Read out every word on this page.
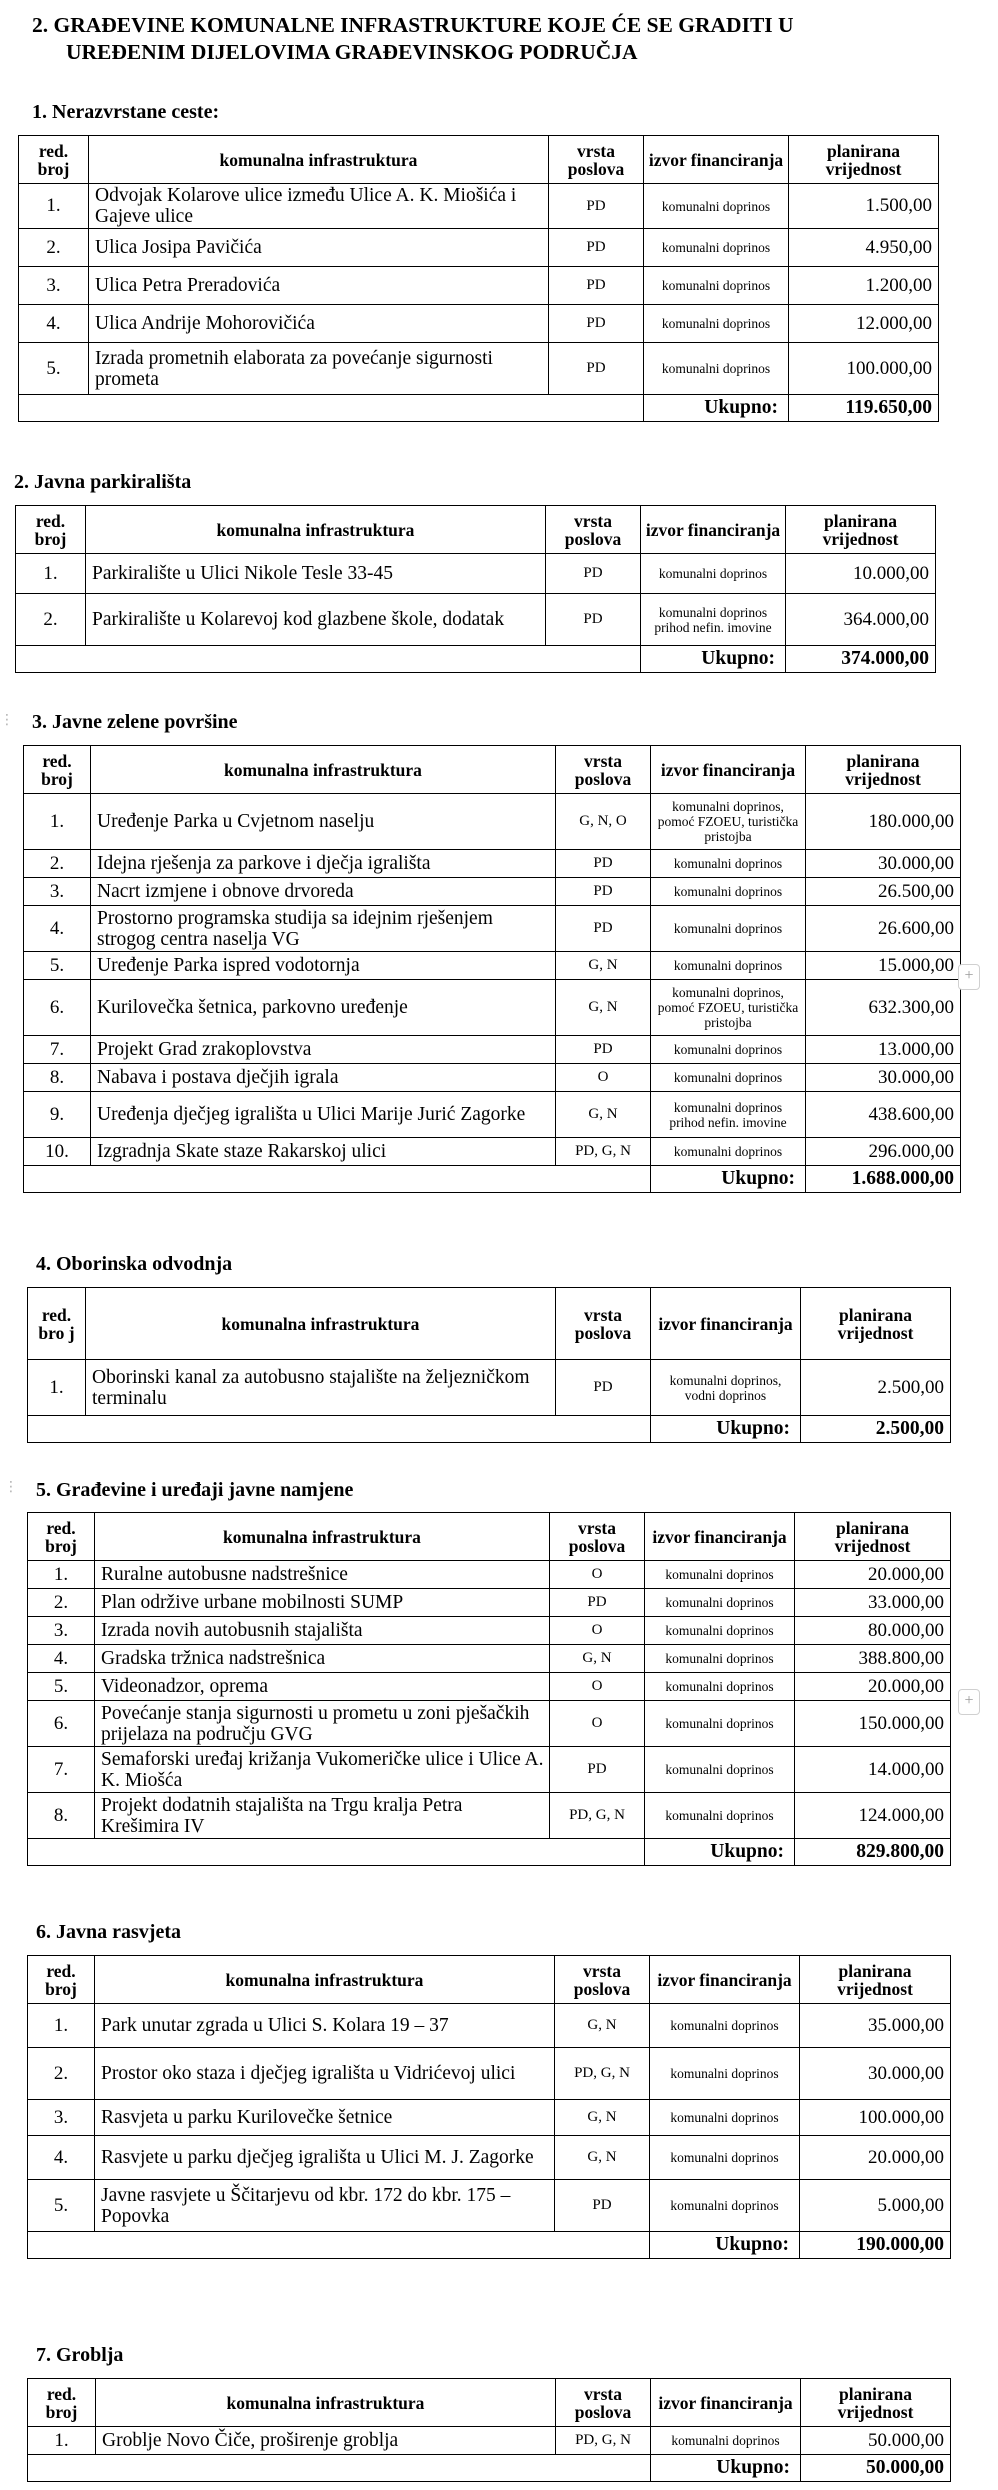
2. GRAĐEVINE KOMUNALNE INFRASTRUKTURE KOJE ĆE SE GRADITI U
UREĐENIM DIJELOVIMA GRAĐEVINSKOG PODRUČJA
1. Nerazvrstane ceste:
red. broj	komunalna infrastruktura	vrsta poslova	izvor financiranja	planirana vrijednost
1.	Odvojak Kolarove ulice između Ulice A. K. Miošića i Gajeve ulice	PD	komunalni doprinos	1.500,00
2.	Ulica Josipa Pavičića	PD	komunalni doprinos	4.950,00
3.	Ulica Petra Preradovića	PD	komunalni doprinos	1.200,00
4.	Ulica Andrije Mohorovičića	PD	komunalni doprinos	12.000,00
5.	Izrada prometnih elaborata za povećanje sigurnosti prometa	PD	komunalni doprinos	100.000,00
			Ukupno:	119.650,00
2. Javna parkirališta
red. broj	komunalna infrastruktura	vrsta poslova	izvor financiranja	planirana vrijednost
1.	Parkiralište u Ulici Nikole Tesle 33-45	PD	komunalni doprinos	10.000,00
2.	Parkiralište u Kolarevoj kod glazbene škole, dodatak	PD	komunalni doprinos prihod nefin. imovine	364.000,00
			Ukupno:	374.000,00
3. Javne zelene površine
red. broj	komunalna infrastruktura	vrsta poslova	izvor financiranja	planirana vrijednost
1.	Uređenje Parka u Cvjetnom naselju	G, N, O	komunalni doprinos, pomoć FZOEU, turistička pristojba	180.000,00
2.	Idejna rješenja za parkove i dječja igrališta	PD	komunalni doprinos	30.000,00
3.	Nacrt izmjene i obnove drvoreda	PD	komunalni doprinos	26.500,00
4.	Prostorno programska studija sa idejnim rješenjem strogog centra naselja VG	PD	komunalni doprinos	26.600,00
5.	Uređenje Parka ispred vodotornja	G, N	komunalni doprinos	15.000,00
6.	Kurilovečka šetnica, parkovno uređenje	G, N	komunalni doprinos, pomoć FZOEU, turistička pristojba	632.300,00
7.	Projekt Grad zrakoplovstva	PD	komunalni doprinos	13.000,00
8.	Nabava i postava dječjih igrala	O	komunalni doprinos	30.000,00
9.	Uređenja dječjeg igrališta u Ulici Marije Jurić Zagorke	G, N	komunalni doprinos prihod nefin. imovine	438.600,00
10.	Izgradnja Skate staze Rakarskoj ulici	PD, G, N	komunalni doprinos	296.000,00
			Ukupno:	1.688.000,00
4. Oborinska odvodnja
red. bro j	komunalna infrastruktura	vrsta poslova	izvor financiranja	planirana vrijednost
1.	Oborinski kanal za autobusno stajalište na željezničkom terminalu	PD	komunalni doprinos, vodni doprinos	2.500,00
			Ukupno:	2.500,00
5. Građevine i uređaji javne namjene
red. broj	komunalna infrastruktura	vrsta poslova	izvor financiranja	planirana vrijednost
1.	Ruralne autobusne nadstrešnice	O	komunalni doprinos	20.000,00
2.	Plan održive urbane mobilnosti SUMP	PD	komunalni doprinos	33.000,00
3.	Izrada novih autobusnih stajališta	O	komunalni doprinos	80.000,00
4.	Gradska tržnica nadstrešnica	G, N	komunalni doprinos	388.800,00
5.	Videonadzor, oprema	O	komunalni doprinos	20.000,00
6.	Povećanje stanja sigurnosti u prometu u zoni pješačkih prijelaza na području GVG	O	komunalni doprinos	150.000,00
7.	Semaforski uređaj križanja Vukomeričke ulice i Ulice A. K. Miošća	PD	komunalni doprinos	14.000,00
8.	Projekt dodatnih stajališta na Trgu kralja Petra Krešimira IV	PD, G, N	komunalni doprinos	124.000,00
			Ukupno:	829.800,00
6. Javna rasvjeta
red. broj	komunalna infrastruktura	vrsta poslova	izvor financiranja	planirana vrijednost
1.	Park unutar zgrada u Ulici S. Kolara 19 – 37	G, N	komunalni doprinos	35.000,00
2.	Prostor oko staza i dječjeg igrališta u Vidrićevoj ulici	PD, G, N	komunalni doprinos	30.000,00
3.	Rasvjeta u parku Kurilovečke šetnice	G, N	komunalni doprinos	100.000,00
4.	Rasvjete u parku dječjeg igrališta u Ulici M. J. Zagorke	G, N	komunalni doprinos	20.000,00
5.	Javne rasvjete u Ščitarjevu od kbr. 172 do kbr. 175 – Popovka	PD	komunalni doprinos	5.000,00
			Ukupno:	190.000,00
7. Groblja
red. broj	komunalna infrastruktura	vrsta poslova	izvor financiranja	planirana vrijednost
1.	Groblje Novo Čiče, proširenje groblja	PD, G, N	komunalni doprinos	50.000,00
			Ukupno:	50.000,00
⋮
⋮
+
+
